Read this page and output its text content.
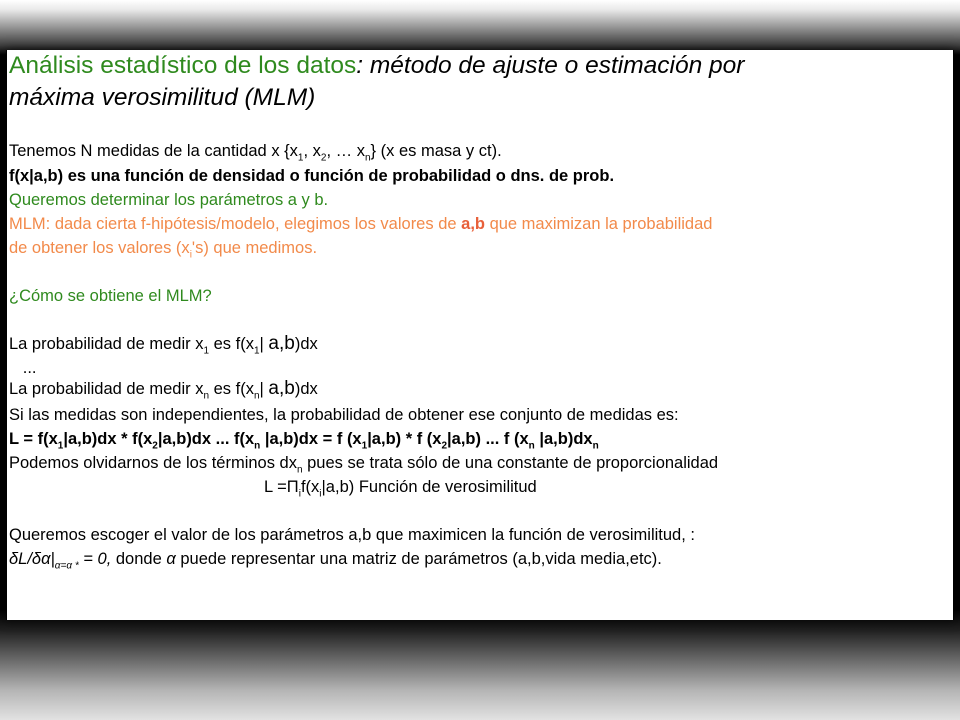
Análisis estadístico de los datos: método de ajuste o estimación por
máxima verosimilitud (MLM)
Tenemos N medidas de la cantidad x {$x_1$, $x_2$, … $x_n$} (x es masa y ct).
f(x|a,b) es una función de densidad o función de probabilidad o dns. de prob.
Queremos determinar los parámetros a y b.
MLM: dada cierta f-hipótesis/modelo, elegimos los valores de a,b que maximizan la probabilidad
de obtener los valores $(x_i's)$ que medimos.
¿Cómo se obtiene el MLM?
La probabilidad de medir $x_1$ es $f(x_1|$ a,b)dx
...
La probabilidad de medir $x_n$ es $f(x_n|$ a,b)dx
Si las medidas son independientes, la probabilidad de obtener ese conjunto de medidas es:
$L = f(x_1|a,b)dx * f(x_2|a,b)dx$ ... $f(x_n$ |a,b)dx = f $(x_1|a,b)$ * f $(x_2|a,b)$ ... f ($x_n$ $|a,b)dx_n$
Podemos olvidarnos de los términos $dx_n$ pues se trata sólo de una constante de proporcionalidad
$L =\Pi_if(x_i|a,b)$ Función de verosimilitud
Queremos escoger el valor de los parámetros a,b que maximicen la función de verosimilitud, :
$\delta L/\delta\alpha|_{\alpha=\alpha *} = 0$, donde α puede representar una matriz de parámetros (a,b,vida media,etc).
